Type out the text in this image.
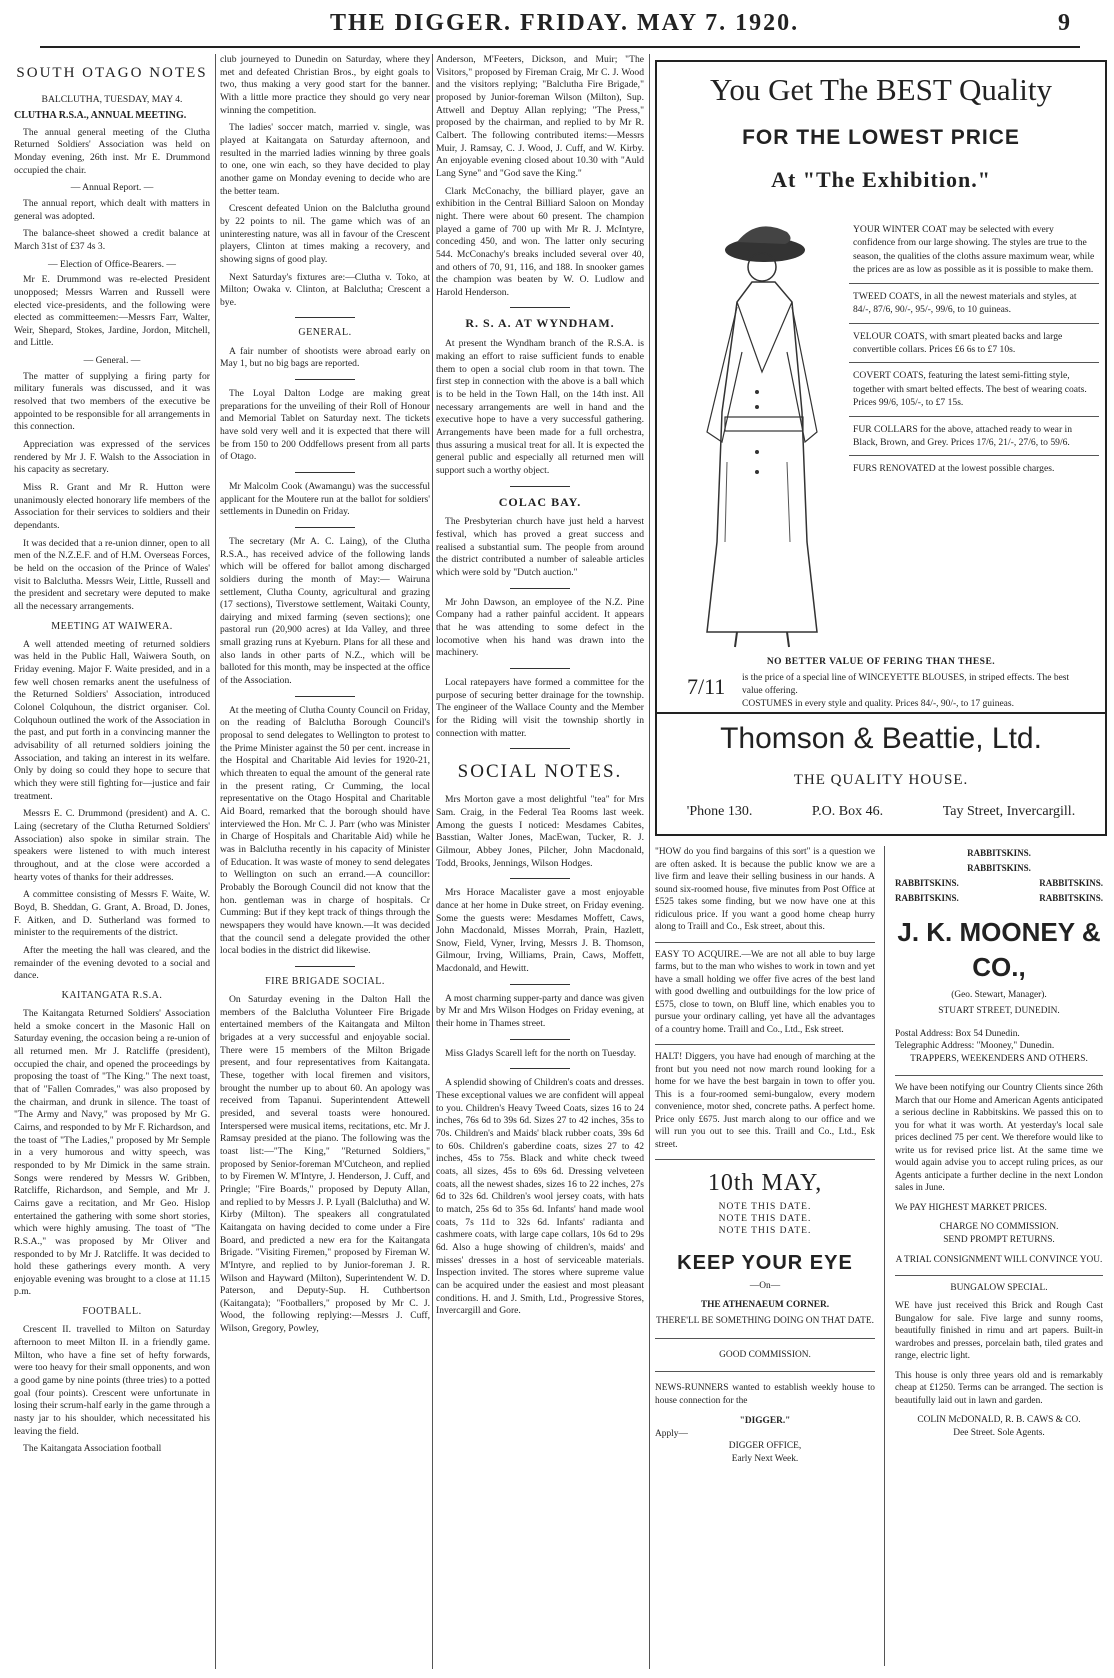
THE DIGGER. FRIDAY. MAY 7. 1920.	9
SOUTH OTAGO NOTES
BALCLUTHA, TUESDAY, MAY 4.
CLUTHA R.S.A., ANNUAL MEETING.

The annual general meeting of the Clutha Returned Soldiers' Association was held on Monday evening, 26th inst. Mr E. Drummond occupied the chair.

— Annual Report. —

The annual report, which dealt with matters in general was adopted.

The balance-sheet showed a credit balance at March 31st of £37 4s 3.

— Election of Office-Bearers. —

Mr E. Drummond was re-elected President unopposed; Messrs Warren and Russell were elected vice-presidents, and the following were elected as committeemen:—Messrs Farr, Walter, Weir, Shepard, Stokes, Jardine, Jordon, Mitchell, and Little.

— General. —

The matter of supplying a firing party for military funerals was discussed, and it was resolved that two members of the executive be appointed to be responsible for all arrangements in this connection.

Appreciation was expressed of the services rendered by Mr J. F. Walsh to the Association in his capacity as secretary.

Miss R. Grant and Mr R. Hutton were unanimously elected honorary life members of the Association for their services to soldiers and their dependants.

It was decided that a re-union dinner, open to all men of the N.Z.E.F. and of H.M. Overseas Forces, be held on the occasion of the Prince of Wales' visit to Balclutha. Messrs Weir, Little, Russell and the president and secretary were deputed to make all the necessary arrangements.

MEETING AT WAIWERA.

A well attended meeting of returned soldiers was held in the Public Hall, Waiwera South, on Friday evening. Major F. Waite presided, and in a few well chosen remarks anent the usefulness of the Returned Soldiers' Association, introduced Colonel Colquhoun, the district organiser. Col. Colquhoun outlined the work of the Association in the past, and put forth in a convincing manner the advisability of all returned soldiers joining the Association, and taking an interest in its welfare. Only by doing so could they hope to secure that which they were still fighting for—justice and fair treatment.

Messrs E. C. Drummond (president) and A. C. Laing (secretary of the Clutha Returned Soldiers' Association) also spoke in similar strain. The speakers were listened to with much interest throughout, and at the close were accorded a hearty votes of thanks for their addresses.

A committee consisting of Messrs F. Waite, W. Boyd, B. Sheddan, G. Grant, A. Broad, D. Jones, F. Aitken, and D. Sutherland was formed to minister to the requirements of the district.

After the meeting the hall was cleared, and the remainder of the evening devoted to a social and dance.

KAITANGATA R.S.A.

The Kaitangata Returned Soldiers' Association held a smoke concert in the Masonic Hall on Saturday evening, the occasion being a re-union of all returned men. Mr J. Ratcliffe (president), occupied the chair, and opened the proceedings by proposing the toast of "The King." The next toast, that of "Fallen Comrades," was also proposed by the chairman, and drunk in silence. The toast of "The Army and Navy," was proposed by Mr G. Cairns, and responded to by Mr F. Richardson, and the toast of "The Ladies," proposed by Mr Semple in a very humorous and witty speech, was responded to by Mr Dimick in the same strain. Songs were rendered by Messrs W. Gribben, Ratcliffe, Richardson, and Semple, and Mr J. Cairns gave a recitation, and Mr Geo. Hislop entertained the gathering with some short stories, which were highly amusing. The toast of "The R.S.A.," was proposed by Mr Oliver and responded to by Mr J. Ratcliffe. It was decided to hold these gatherings every month. A very enjoyable evening was brought to a close at 11.15 p.m.

FOOTBALL.

Crescent II. travelled to Milton on Saturday afternoon to meet Milton II. in a friendly game. Milton, who have a fine set of hefty forwards, were too heavy for their small opponents, and won a good game by nine points (three tries) to a potted goal (four points). Crescent were unfortunate in losing their scrum-half early in the game through a nasty jar to his shoulder, which necessitated his leaving the field.

The Kaitangata Association football

club journeyed to Dunedin on Saturday, where they met and defeated Christian Bros., by eight goals to two, thus making a very good start for the banner. With a little more practice they should go very near winning the competition.

The ladies' soccer match, married v. single, was played at Kaitangata on Saturday afternoon, and resulted in the married ladies winning by three goals to one, one win each, so they have decided to play another game on Monday evening to decide who are the better team.

Crescent defeated Union on the Balclutha ground by 22 points to nil. The game which was of an uninteresting nature, was all in favour of the Crescent players, Clinton at times making a recovery, and showing signs of good play.

Next Saturday's fixtures are:—Clutha v. Toko, at Milton; Owaka v. Clinton, at Balclutha; Crescent a bye.

GENERAL.

A fair number of shootists were abroad early on May 1, but no big bags are reported.

The Loyal Dalton Lodge are making great preparations for the unveiling of their Roll of Honour and Memorial Tablet on Saturday next. The tickets have sold very well and it is expected that there will be from 150 to 200 Oddfellows present from all parts of Otago.

Mr Malcolm Cook (Awamangu) was the successful applicant for the Moutere run at the ballot for soldiers' settlements in Dunedin on Friday.

The secretary (Mr A. C. Laing), of the Clutha R.S.A., has received advice of the following lands which will be offered for ballot among discharged soldiers during the month of May:— Wairuna settlement, Clutha County, agricultural and grazing (17 sections), Tiverstowe settlement, Waitaki County, dairying and mixed farming (seven sections); one pastoral run (20,900 acres) at Ida Valley, and three small grazing runs at Kyeburn. Plans for all these and also lands in other parts of N.Z., which will be balloted for this month, may be inspected at the office of the Association.

At the meeting of Clutha County Council on Friday, on the reading of Balclutha Borough Council's proposal to send delegates to Wellington to protest to the Prime Minister against the 50 per cent. increase in the Hospital and Charitable Aid levies for 1920-21, which threaten to equal the amount of the general rate in the present rating, Cr Cumming, the local representative on the Otago Hospital and Charitable Aid Board, remarked that the borough should have interviewed the Hon. Mr C. J. Parr (who was Minister in Charge of Hospitals and Charitable Aid) while he was in Balclutha recently in his capacity of Minister of Education. It was waste of money to send delegates to Wellington on such an errand.—A councillor: Probably the Borough Council did not know that the hon. gentleman was in charge of hospitals. Cr Cumming: But if they kept track of things through the newspapers they would have known.—It was decided that the council send a delegate provided the other local bodies in the district did likewise.

FIRE BRIGADE SOCIAL.

On Saturday evening in the Dalton Hall the members of the Balclutha Volunteer Fire Brigade entertained members of the Kaitangata and Milton brigades at a very successful and enjoyable social. There were 15 members of the Milton Brigade present, and four representatives from Kaitangata. These, together with local firemen and visitors, brought the number up to about 60. An apology was received from Tapanui. Superintendent Attewell presided, and several toasts were honoured. Interspersed were musical items, recitations, etc. Mr J. Ramsay presided at the piano. The following was the toast list:—"The King," "Returned Soldiers," proposed by Senior-foreman M'Cutcheon, and replied to by Firemen W. M'Intyre, J. Henderson, J. Cuff, and Pringle; "Fire Boards," proposed by Deputy Allan, and replied to by Messrs J. P. Lyall (Balclutha) and W. Kirby (Milton). The speakers all congratulated Kaitangata on having decided to come under a Fire Board, and predicted a new era for the Kaitangata Brigade. "Visiting Firemen," proposed by Fireman W. M'Intyre, and replied to by Junior-foreman J. R. Wilson and Hayward (Milton), Superintendent W. D. Paterson, and Deputy-Sup. H. Cuthbertson (Kaitangata); "Footballers," proposed by Mr C. J. Wood, the following replying:—Messrs J. Cuff, Wilson, Gregory, Powley,

Anderson, M'Feeters, Dickson, and Muir; "The Visitors," proposed by Fireman Craig, Mr C. J. Wood and the visitors replying; "Balclutha Fire Brigade," proposed by Junior-foreman Wilson (Milton), Sup. Attwell and Deptuy Allan replying; "The Press," proposed by the chairman, and replied to by Mr R. Calbert. The following contributed items:—Messrs Muir, J. Ramsay, C. J. Wood, J. Cuff, and W. Kirby. An enjoyable evening closed about 10.30 with "Auld Lang Syne" and "God save the King."

Clark McConachy, the billiard player, gave an exhibition in the Central Billiard Saloon on Monday night. There were about 60 present. The champion played a game of 700 up with Mr R. J. McIntyre, conceding 450, and won. The latter only securing 544. McConachy's breaks included several over 40, and others of 70, 91, 116, and 188. In snooker games the champion was beaten by W. O. Ludlow and Harold Henderson.

R. S. A. AT WYNDHAM.

At present the Wyndham branch of the R.S.A. is making an effort to raise sufficient funds to enable them to open a social club room in that town. The first step in connection with the above is a ball which is to be held in the Town Hall, on the 14th inst. All necessary arrangements are well in hand and the executive hope to have a very successful gathering. Arrangements have been made for a full orchestra, thus assuring a musical treat for all. It is expected the general public and especially all returned men will support such a worthy object.

COLAC BAY.

The Presbyterian church have just held a harvest festival, which has proved a great success and realised a substantial sum. The people from around the district contributed a number of saleable articles which were sold by "Dutch auction."

Mr John Dawson, an employee of the N.Z. Pine Company had a rather painful accident. It appears that he was attending to some defect in the locomotive when his hand was drawn into the machinery.

Local ratepayers have formed a committee for the purpose of securing better drainage for the township. The engineer of the Wallace County and the Member for the Riding will visit the township shortly in connection with matter.

SOCIAL NOTES.

Mrs Morton gave a most delightful "tea" for Mrs Sam. Craig, in the Federal Tea Rooms last week. Among the guests I noticed: Mesdames Cabites, Basstian, Walter Jones, MacEwan, Tucker, R. J. Gilmour, Abbey Jones, Pilcher, John Macdonald, Todd, Brooks, Jennings, Wilson Hodges.

Mrs Horace Macalister gave a most enjoyable dance at her home in Duke street, on Friday evening. Some the guests were: Mesdames Moffett, Caws, John Macdonald, Misses Morrah, Prain, Hazlett, Snow, Field, Vyner, Irving, Messrs J. B. Thomson, Gilmour, Irving, Williams, Prain, Caws, Moffett, Macdonald, and Hewitt.

A most charming supper-party and dance was given by Mr and Mrs Wilson Hodges on Friday evening, at their home in Thames street.

Miss Gladys Scarell left for the north on Tuesday.

A splendid showing of Children's coats and dresses. These exceptional values we are confident will appeal to you. Children's Heavy Tweed Coats, sizes 16 to 24 inches, 76s 6d to 39s 6d. Sizes 27 to 42 inches, 35s to 70s. Children's and Maids' black rubber coats, 39s 6d to 60s. Children's gaberdine coats, sizes 27 to 42 inches, 45s to 75s. Black and white check tweed coats, all sizes, 45s to 69s 6d. Dressing velveteen coats, all the newest shades, sizes 16 to 22 inches, 27s 6d to 32s 6d. Children's wool jersey coats, with hats to match, 25s 6d to 35s 6d. Infants' hand made wool coats, 7s 11d to 32s 6d. Infants' radianta and cashmere coats, with large cape collars, 10s 6d to 29s 6d. Also a huge showing of children's, maids' and misses' dresses in a host of serviceable materials. Inspection invited. The stores where supreme value can be acquired under the easiest and most pleasant conditions. H. and J. Smith, Ltd., Progressive Stores, Invercargill and Gore.

You Get The BEST Quality
FOR THE LOWEST PRICE
At "The Exhibition."
YOUR WINTER COAT may be selected with every confidence from our large showing. The styles are true to the season, the qualities of the cloths assure maximum wear, while the prices are as low as possible as it is possible to make them.
TWEED COATS, in all the newest materials and styles, at 84/-, 87/6, 90/-, 95/-, 99/6, to 10 guineas.
VELOUR COATS, with smart pleated backs and large convertible collars. Prices £6 6s to £7 10s.
COVERT COATS, featuring the latest semi-fitting style, together with smart belted effects. The best of wearing coats. Prices 99/6, 105/-, to £7 15s.
FUR COLLARS for the above, attached ready to wear in Black, Brown, and Grey. Prices 17/6, 21/-, 27/6, to 59/6.
FURS RENOVATED at the lowest possible charges.
NO BETTER VALUE OF FERING THAN THESE.
7/11 is the price of a special line of WINCEYETTE BLOUSES, in striped effects. The best value offering.
COSTUMES in every style and quality. Prices 84/-, 90/-, to 17 guineas.
Thomson & Beattie, Ltd.
THE QUALITY HOUSE.
'Phone 130.	P.O. Box 46.	Tay Street, Invercargill.

"HOW do you find bargains of this sort" is a question we are often asked. It is because the public know we are a live firm and leave their selling business in our hands. A sound six-roomed house, five minutes from Post Office at £525 takes some finding, but we now have one at this ridiculous price. If you want a good home cheap hurry along to Traill and Co., Esk street, about this.

EASY TO ACQUIRE.—We are not all able to buy large farms, but to the man who wishes to work in town and yet have a small holding we offer five acres of the best land with good dwelling and outbuildings for the low price of £575, close to town, on Bluff line, which enables you to pursue your ordinary calling, yet have all the advantages of a country home. Traill and Co., Ltd., Esk street.

HALT! Diggers, you have had enough of marching at the front but you need not now march round looking for a home for we have the best bargain in town to offer you. This is a four-roomed semi-bungalow, every modern convenience, motor shed, concrete paths. A perfect home. Price only £675. Just march along to our office and we will run you out to see this. Traill and Co., Ltd., Esk street.

10th MAY,
NOTE THIS DATE.
NOTE THIS DATE.
NOTE THIS DATE.
KEEP YOUR EYE
—On—
THE ATHENAEUM CORNER.
THERE'LL BE SOMETHING DOING ON THAT DATE.
GOOD COMMISSION.

NEWS-RUNNERS wanted to establish weekly house to house connection for the

"DIGGER."
Apply—
DIGGER OFFICE,
Early Next Week.
RABBITSKINS.
RABBITSKINS.
RABBITSKINS.	RABBITSKINS.
RABBITSKINS.	RABBITSKINS.
J. K. MOONEY & CO.,
(Geo. Stewart, Manager).
STUART STREET, DUNEDIN.
Postal Address: Box 54 Dunedin.
Telegraphic Address: "Mooney," Dunedin.
TRAPPERS, WEEKENDERS AND OTHERS.

We have been notifying our Country Clients since 26th March that our Home and American Agents anticipated a serious decline in Rabbitskins. We passed this on to you for what it was worth. At yesterday's local sale prices declined 75 per cent. We therefore would like to write us for revised price list. At the same time we would again advise you to accept ruling prices, as our Agents anticipate a further decline in the next London sales in June.

We PAY HIGHEST MARKET PRICES.

CHARGE NO COMMISSION.
SEND PROMPT RETURNS.
A TRIAL CONSIGNMENT WILL CONVINCE YOU.
BUNGALOW SPECIAL.

WE have just received this Brick and Rough Cast Bungalow for sale. Five large and sunny rooms, beautifully finished in rimu and art papers. Built-in wardrobes and presses, porcelain bath, tiled grates and range, electric light.

This house is only three years old and is remarkably cheap at £1250. Terms can be arranged. The section is beautifully laid out in lawn and garden.

COLIN McDONALD, R. B. CAWS & CO.
Dee Street. Sole Agents.
